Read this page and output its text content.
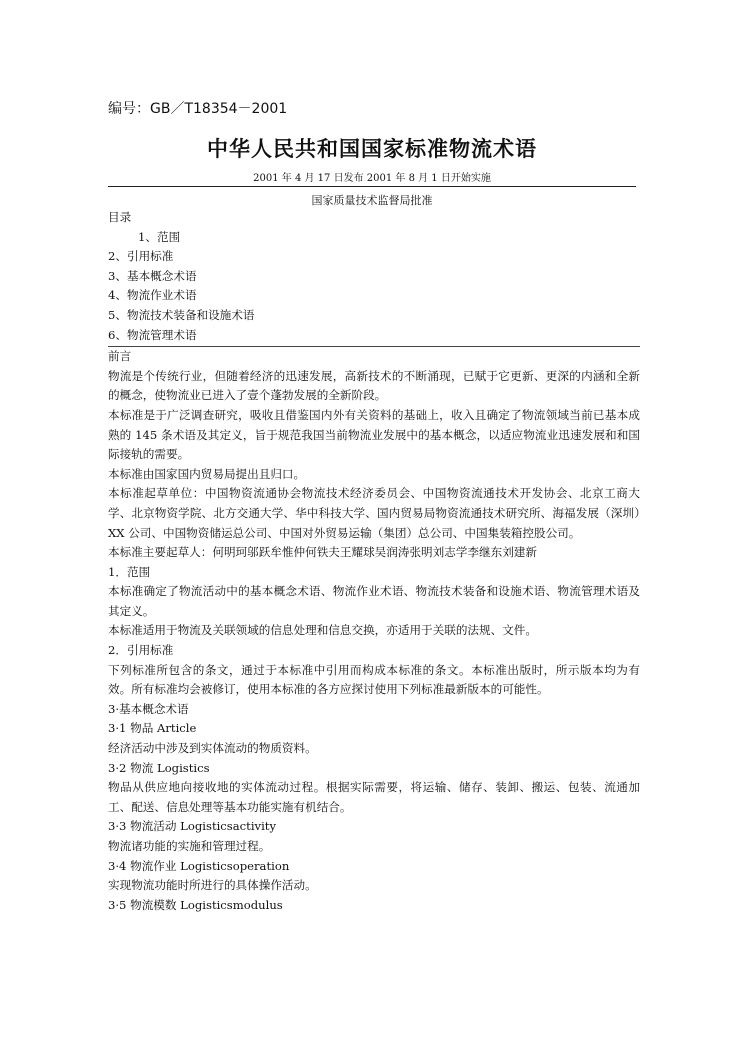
编号：GB／T18354－2001
中华人民共和国国家标准物流术语
2001 年 4 月 17 日发布 2001 年 8 月 1 日开始实施
国家质量技术监督局批准

目录

1、范围

2、引用标准

3、基本概念术语

4、物流作业术语

5、物流技术装备和设施术语

6、物流管理术语

前言

物流是个传统行业，但随着经济的迅速发展，高新技术的不断涌现，已赋于它更新、更深的内涵和全新的概念，使物流业已进入了壹个蓬勃发展的全新阶段。

本标准是于广泛调查研究，吸收且借鉴国内外有关资料的基础上，收入且确定了物流领域当前已基本成熟的 145 条术语及其定义，旨于规范我国当前物流业发展中的基本概念，以适应物流业迅速发展和和国际接轨的需要。

本标准由国家国内贸易局提出且归口。

本标准起草单位：中国物资流通协会物流技术经济委员会、中国物资流通技术开发协会、北京工商大学、北京物资学院、北方交通大学、华中科技大学、国内贸易局物资流通技术研究所、海福发展（深圳）XX 公司、中国物资储运总公司、中国对外贸易运输（集团）总公司、中国集装箱控股公司。

本标准主要起草人：何明珂邬跃牟惟仲何铁夫王耀球吴润涛张明刘志学李继东刘建新

1．范围

本标准确定了物流活动中的基本概念术语、物流作业术语、物流技术装备和设施术语、物流管理术语及其定义。

本标准适用于物流及关联领域的信息处理和信息交换，亦适用于关联的法规、文件。

2．引用标准

下列标准所包含的条文，通过于本标准中引用而构成本标准的条文。本标准出版时，所示版本均为有效。所有标准均会被修订，使用本标准的各方应探讨使用下列标准最新版本的可能性。

3·基本概念术语

3·1 物品 Article

经济活动中涉及到实体流动的物质资料。

3·2 物流 Logistics

物品从供应地向接收地的实体流动过程。根据实际需要，将运输、储存、装卸、搬运、包装、流通加工、配送、信息处理等基本功能实施有机结合。

3·3 物流活动 Logisticsactivity

物流诸功能的实施和管理过程。

3·4 物流作业 Logisticsoperation

实现物流功能时所进行的具体操作活动。

3·5 物流模数 Logisticsmodulus
